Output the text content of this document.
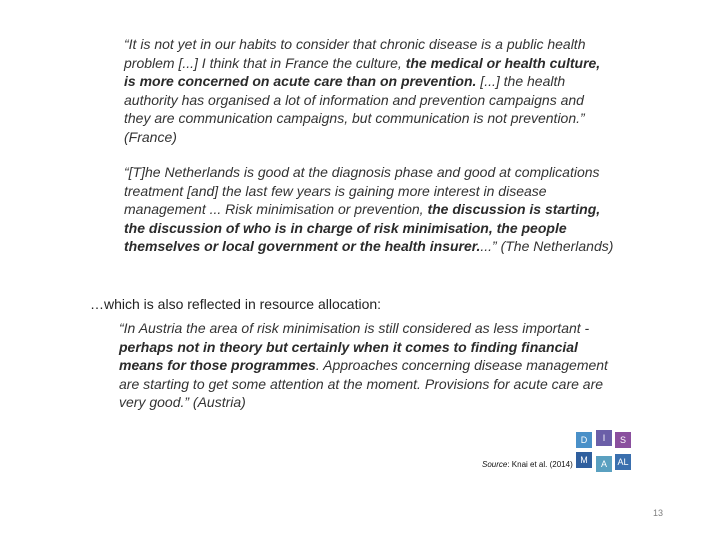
“It is not yet in our habits to consider that chronic disease is a public health problem [...] I think that in France the culture, the medical or health culture, is more concerned on acute care than on prevention. [...] the health authority has organised a lot of information and prevention campaigns and they are communication campaigns, but communication is not prevention.” (France)

“[T]he Netherlands is good at the diagnosis phase and good at complications treatment [and] the last few years is gaining more interest in disease management ... Risk minimisation or prevention, the discussion is starting, the discussion of who is in charge of risk minimisation, the people themselves or local government or the health insurer....” (The Netherlands)

…which is also reflected in resource allocation:

“In Austria the area of risk minimisation is still considered as less important - perhaps not in theory but certainly when it comes to finding financial means for those programmes. Approaches concerning disease management are starting to get some attention at the moment. Provisions for acute care are very good.” (Austria)

D I S
M A AL
Source: Knai et al. (2014)
13
